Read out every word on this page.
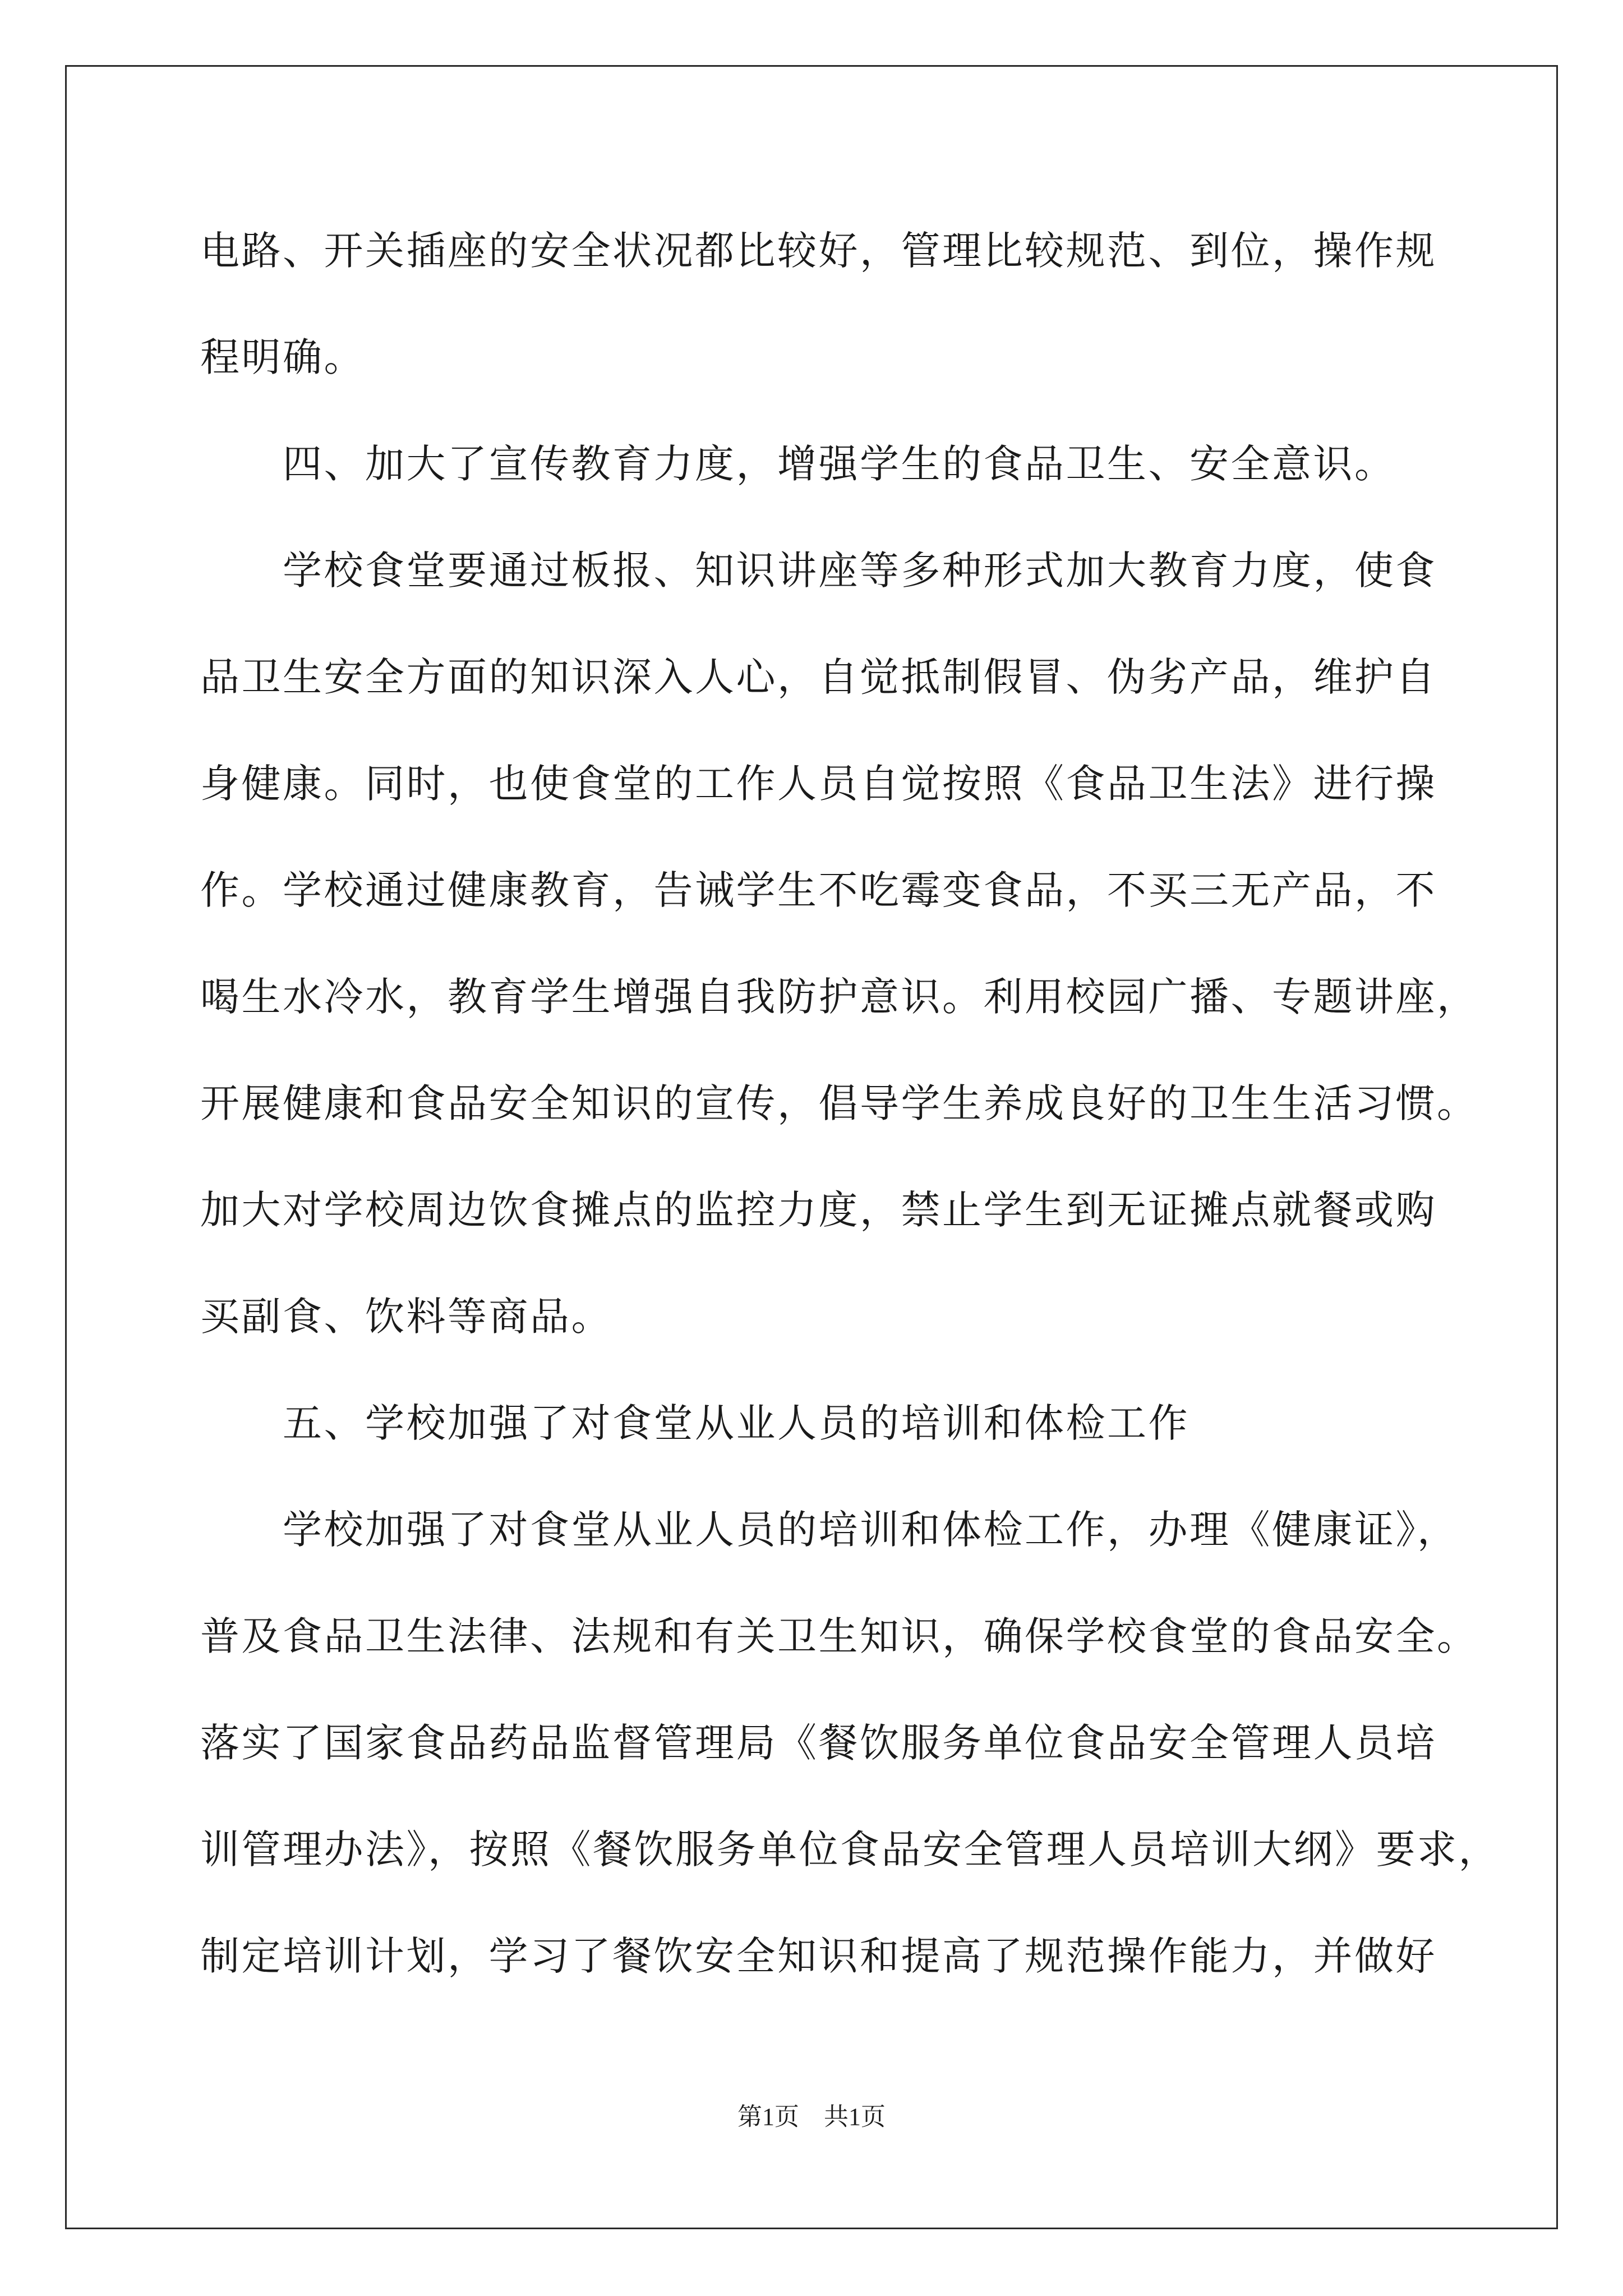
电路、开关插座的安全状况都比较好，管理比较规范、到位，操作规
程明确。
　　四、加大了宣传教育力度，增强学生的食品卫生、安全意识。
　　学校食堂要通过板报、知识讲座等多种形式加大教育力度，使食
品卫生安全方面的知识深入人心，自觉抵制假冒、伪劣产品，维护自
身健康。同时，也使食堂的工作人员自觉按照《食品卫生法》进行操
作。学校通过健康教育，告诫学生不吃霉变食品，不买三无产品，不
喝生水冷水，教育学生增强自我防护意识。利用校园广播、专题讲座，
开展健康和食品安全知识的宣传，倡导学生养成良好的卫生生活习惯。
加大对学校周边饮食摊点的监控力度，禁止学生到无证摊点就餐或购
买副食、饮料等商品。
　　五、学校加强了对食堂从业人员的培训和体检工作
　　学校加强了对食堂从业人员的培训和体检工作，办理《健康证》，
普及食品卫生法律、法规和有关卫生知识，确保学校食堂的食品安全。
落实了国家食品药品监督管理局《餐饮服务单位食品安全管理人员培
训管理办法》，按照《餐饮服务单位食品安全管理人员培训大纲》要求，
制定培训计划，学习了餐饮安全知识和提高了规范操作能力，并做好
第1页　共1页
